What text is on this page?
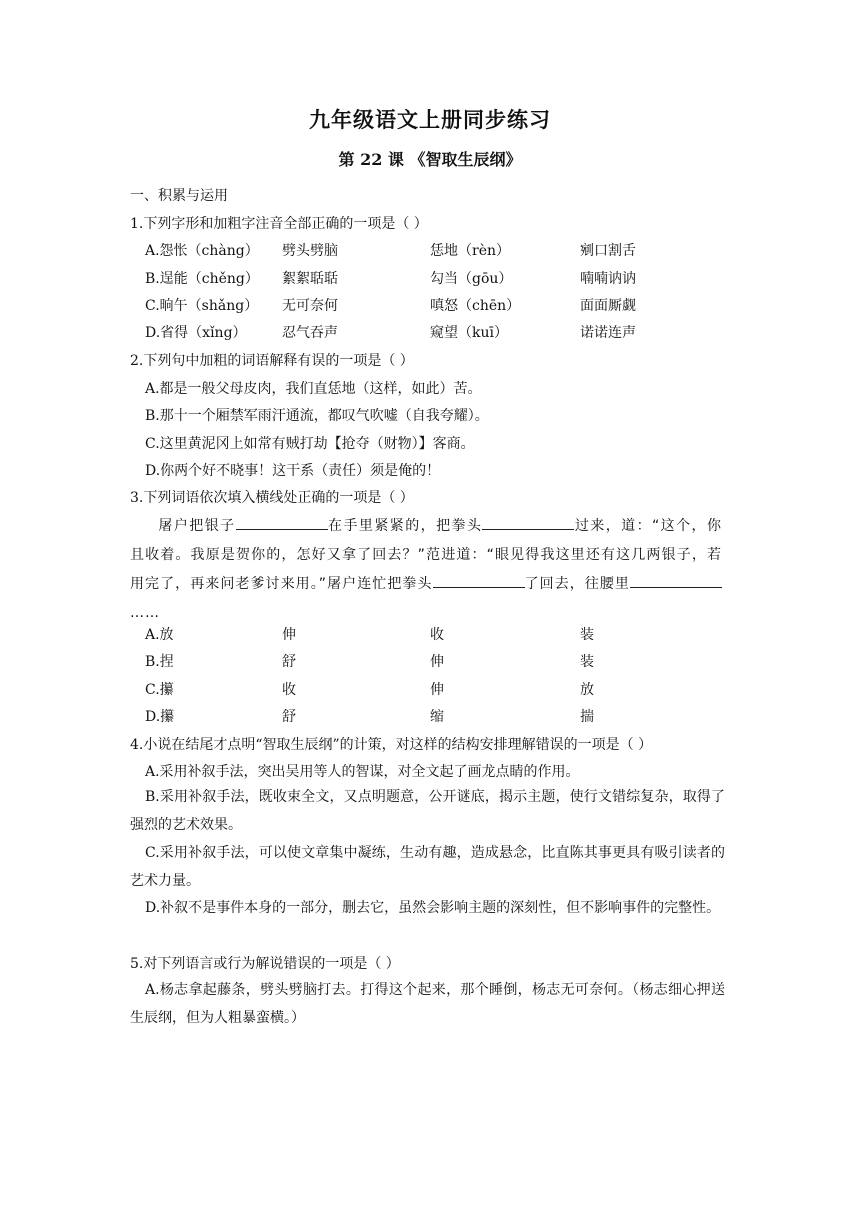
九年级语文上册同步练习
第 22 课 《智取生辰纲》
一、积累与运用
1.下列字形和加粗字注音全部正确的一项是（ ）
A.怨怅（chàng） 劈头劈脑	恁地（rèn）	剜口割舌
B.逞能（chěng） 絮絮聒聒	勾当（gōu）	喃喃讷讷
C.晌午（shǎng） 无可奈何	嗔怒（chēn）	面面厮觑
D.省得（xǐng）	忍气吞声	窥望（kuī）	诺诺连声
2.下列句中加粗的词语解释有误的一项是（ ）
A.都是一般父母皮肉，我们直恁地（这样，如此）苦。
B.那十一个厢禁军雨汗通流，都叹气吹嘘（自我夸耀）。
C.这里黄泥冈上如常有贼打劫【抢夺（财物）】客商。
D.你两个好不晓事！这干系（责任）须是俺的！
3.下列词语依次填入横线处正确的一项是（ ）
屠户把银子	在手里紧紧的，把拳头	过来，道：“这个，你且收着。我原是贺你的，怎好又拿了回去？”范进道：“眼见得我这里还有这几两银子，若用完了，再来问老爹讨来用。”屠户连忙把拳头	了回去，往腰里……
A.放	伸	收	装
B.捏	舒	伸	装
C.攥	收	伸	放
D.攥	舒	缩	揣
4.小说在结尾才点明“智取生辰纲”的计策，对这样的结构安排理解错误的一项是（ ）
A.采用补叙手法，突出吴用等人的智谋，对全文起了画龙点睛的作用。
B.采用补叙手法，既收束全文，又点明题意，公开谜底，揭示主题，使行文错综复杂，取得了强烈的艺术效果。
C.采用补叙手法，可以使文章集中凝练，生动有趣，造成悬念，比直陈其事更具有吸引读者的艺术力量。
D.补叙不是事件本身的一部分，删去它，虽然会影响主题的深刻性，但不影响事件的完整性。
5.对下列语言或行为解说错误的一项是（ ）
A.杨志拿起藤条，劈头劈脑打去。打得这个起来，那个睡倒，杨志无可奈何。（杨志细心押送生辰纲，但为人粗暴蛮横。）
